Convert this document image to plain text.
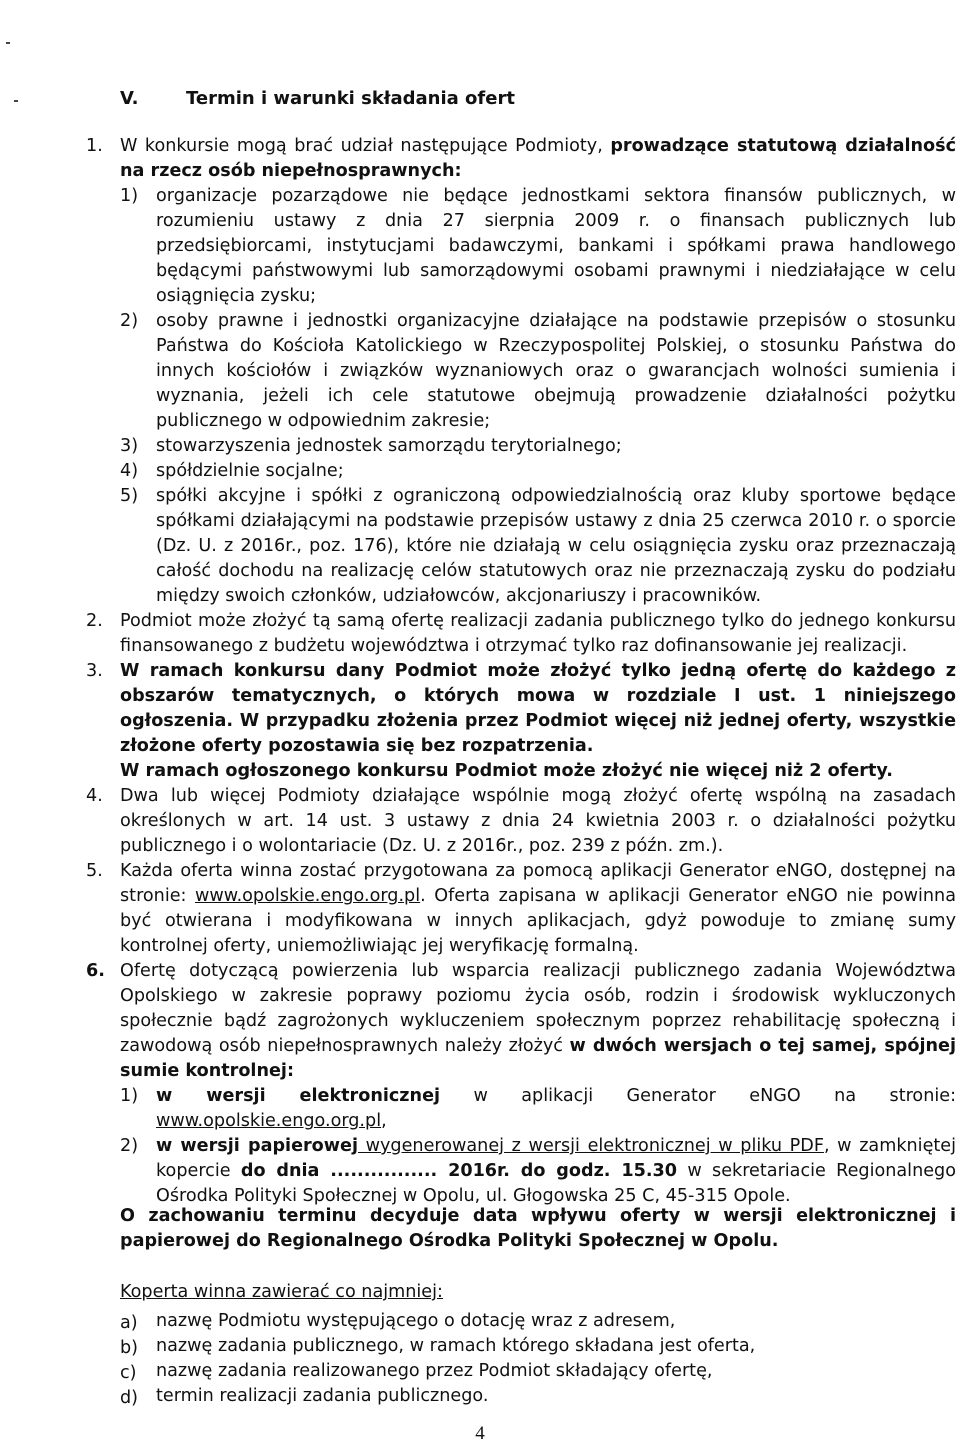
V.	Termin i warunki składania ofert
1. W konkursie mogą brać udział następujące Podmioty, prowadzące statutową działalność na rzecz osób niepełnosprawnych:

1) organizacje pozarządowe nie będące jednostkami sektora finansów publicznych, w rozumieniu ustawy z dnia 27 sierpnia 2009 r. o finansach publicznych lub przedsiębiorcami, instytucjami badawczymi, bankami i spółkami prawa handlowego będącymi państwowymi lub samorządowymi osobami prawnymi i niedziałające w celu osiągnięcia zysku;

2) osoby prawne i jednostki organizacyjne działające na podstawie przepisów o stosunku Państwa do Kościoła Katolickiego w Rzeczypospolitej Polskiej, o stosunku Państwa do innych kościołów i związków wyznaniowych oraz o gwarancjach wolności sumienia i wyznania, jeżeli ich cele statutowe obejmują prowadzenie działalności pożytku publicznego w odpowiednim zakresie;

3) stowarzyszenia jednostek samorządu terytorialnego;

4) spółdzielnie socjalne;

5) spółki akcyjne i spółki z ograniczoną odpowiedzialnością oraz kluby sportowe będące spółkami działającymi na podstawie przepisów ustawy z dnia 25 czerwca 2010 r. o sporcie (Dz. U. z 2016r., poz. 176), które nie działają w celu osiągnięcia zysku oraz przeznaczają całość dochodu na realizację celów statutowych oraz nie przeznaczają zysku do podziału między swoich członków, udziałowców, akcjonariuszy i pracowników.

2. Podmiot może złożyć tą samą ofertę realizacji zadania publicznego tylko do jednego konkursu finansowanego z budżetu województwa i otrzymać tylko raz dofinansowanie jej realizacji.

3. W ramach konkursu dany Podmiot może złożyć tylko jedną ofertę do każdego z obszarów tematycznych, o których mowa w rozdziale I ust. 1 niniejszego ogłoszenia. W przypadku złożenia przez Podmiot więcej niż jednej oferty, wszystkie złożone oferty pozostawia się bez rozpatrzenia.

W ramach ogłoszonego konkursu Podmiot może złożyć nie więcej niż 2 oferty.

4. Dwa lub więcej Podmioty działające wspólnie mogą złożyć ofertę wspólną na zasadach określonych w art. 14 ust. 3 ustawy z dnia 24 kwietnia 2003 r. o działalności pożytku publicznego i o wolontariacie (Dz. U. z 2016r., poz. 239 z późn. zm.).

5. Każda oferta winna zostać przygotowana za pomocą aplikacji Generator eNGO, dostępnej na stronie: www.opolskie.engo.org.pl. Oferta zapisana w aplikacji Generator eNGO nie powinna być otwierana i modyfikowana w innych aplikacjach, gdyż powoduje to zmianę sumy kontrolnej oferty, uniemożliwiając jej weryfikację formalną.

6. Ofertę dotyczącą powierzenia lub wsparcia realizacji publicznego zadania Województwa Opolskiego w zakresie poprawy poziomu życia osób, rodzin i środowisk wykluczonych społecznie bądź zagrożonych wykluczeniem społecznym poprzez rehabilitację społeczną i zawodową osób niepełnosprawnych należy złożyć w dwóch wersjach o tej samej, spójnej sumie kontrolnej:

1) w wersji elektronicznej w aplikacji Generator eNGO na stronie: www.opolskie.engo.org.pl,

2) w wersji papierowej wygenerowanej z wersji elektronicznej w pliku PDF, w zamkniętej kopercie do dnia ................ 2016r. do godz. 15.30 w sekretariacie Regionalnego Ośrodka Polityki Społecznej w Opolu, ul. Głogowska 25 C, 45-315 Opole.

O zachowaniu terminu decyduje data wpływu oferty w wersji elektronicznej i papierowej do Regionalnego Ośrodka Polityki Społecznej w Opolu.

Koperta winna zawierać co najmniej:

a) nazwę Podmiotu występującego o dotację wraz z adresem,
b) nazwę zadania publicznego, w ramach którego składana jest oferta,
c) nazwę zadania realizowanego przez Podmiot składający ofertę,
d) termin realizacji zadania publicznego.
4
